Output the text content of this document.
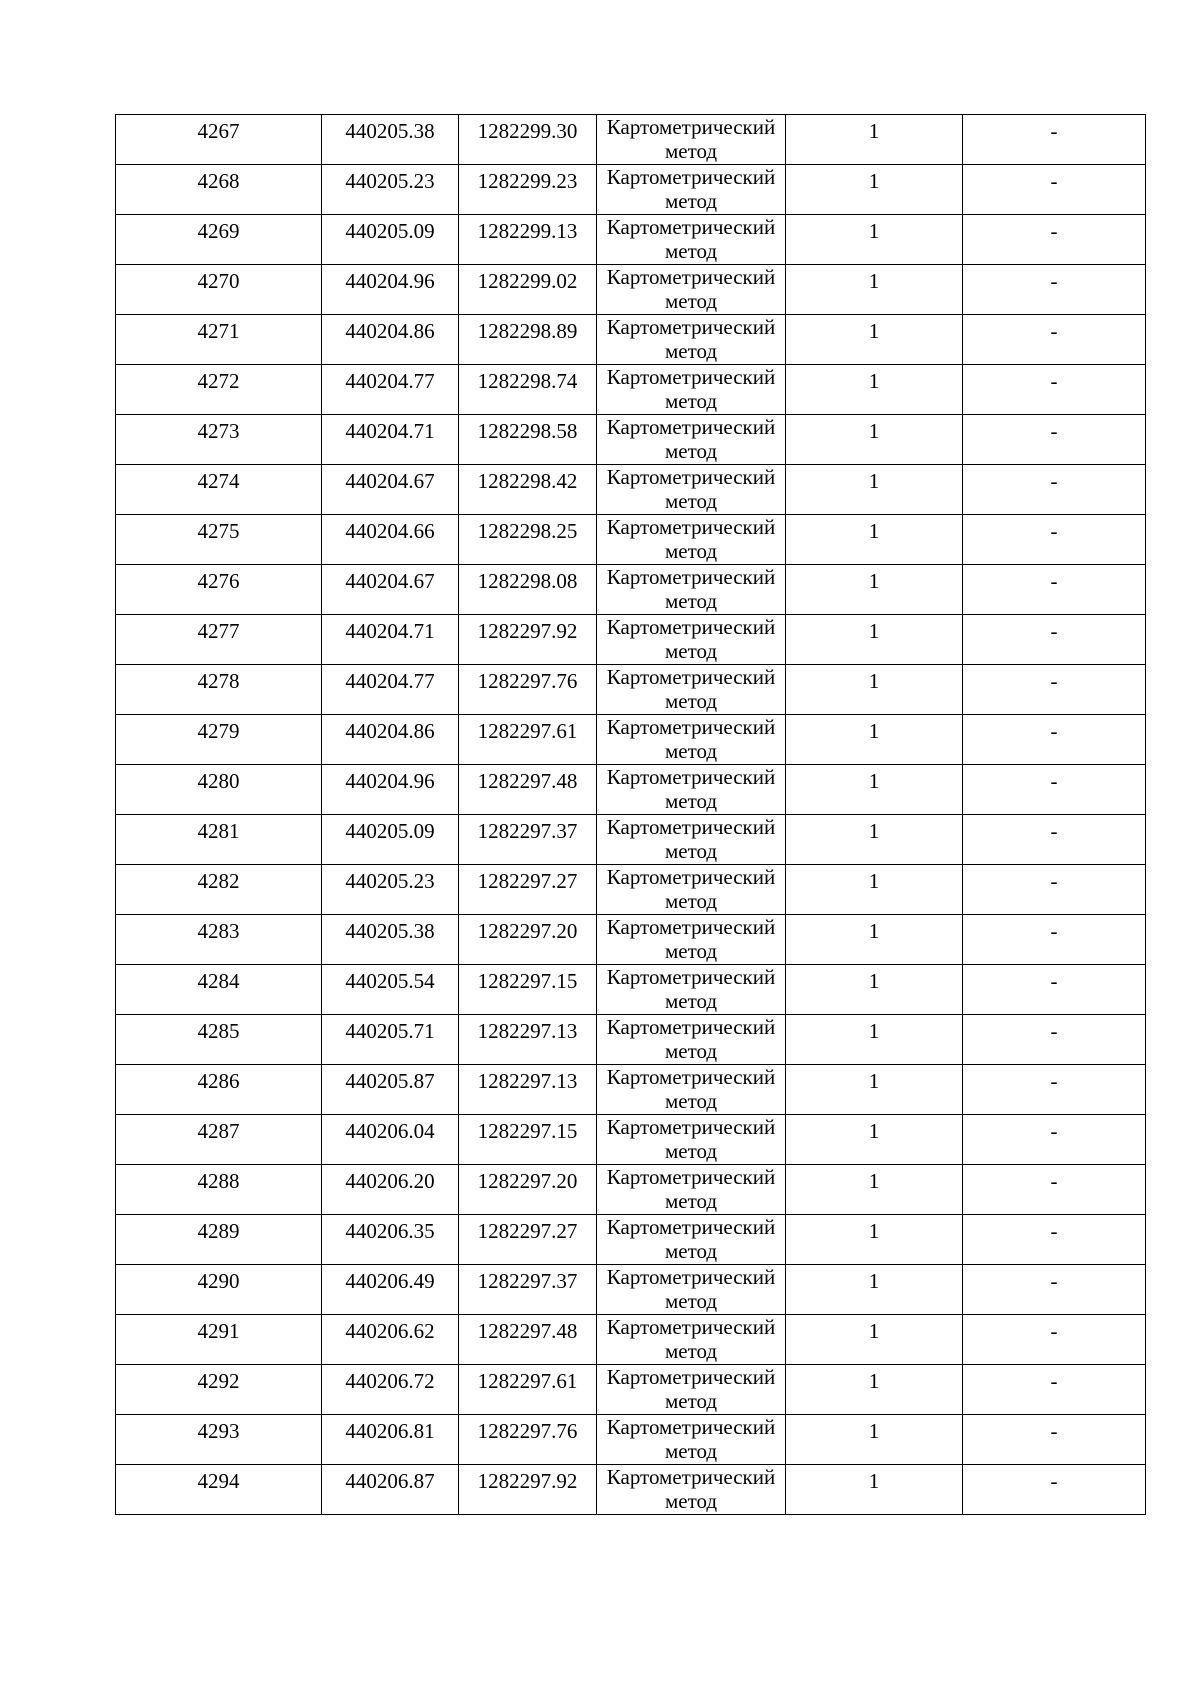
4267	440205.38	1282299.30	Картометрический метод	1	-

4268	440205.23	1282299.23	Картометрический метод	1	-

4269	440205.09	1282299.13	Картометрический метод	1	-

4270	440204.96	1282299.02	Картометрический метод	1	-

4271	440204.86	1282298.89	Картометрический метод	1	-

4272	440204.77	1282298.74	Картометрический метод	1	-

4273	440204.71	1282298.58	Картометрический метод	1	-

4274	440204.67	1282298.42	Картометрический метод	1	-

4275	440204.66	1282298.25	Картометрический метод	1	-

4276	440204.67	1282298.08	Картометрический метод	1	-

4277	440204.71	1282297.92	Картометрический метод	1	-

4278	440204.77	1282297.76	Картометрический метод	1	-

4279	440204.86	1282297.61	Картометрический метод	1	-

4280	440204.96	1282297.48	Картометрический метод	1	-

4281	440205.09	1282297.37	Картометрический метод	1	-

4282	440205.23	1282297.27	Картометрический метод	1	-

4283	440205.38	1282297.20	Картометрический метод	1	-

4284	440205.54	1282297.15	Картометрический метод	1	-

4285	440205.71	1282297.13	Картометрический метод	1	-

4286	440205.87	1282297.13	Картометрический метод	1	-

4287	440206.04	1282297.15	Картометрический метод	1	-

4288	440206.20	1282297.20	Картометрический метод	1	-

4289	440206.35	1282297.27	Картометрический метод	1	-

4290	440206.49	1282297.37	Картометрический метод	1	-

4291	440206.62	1282297.48	Картометрический метод	1	-

4292	440206.72	1282297.61	Картометрический метод	1	-

4293	440206.81	1282297.76	Картометрический метод	1	-

4294	440206.87	1282297.92	Картометрический метод	1	-
